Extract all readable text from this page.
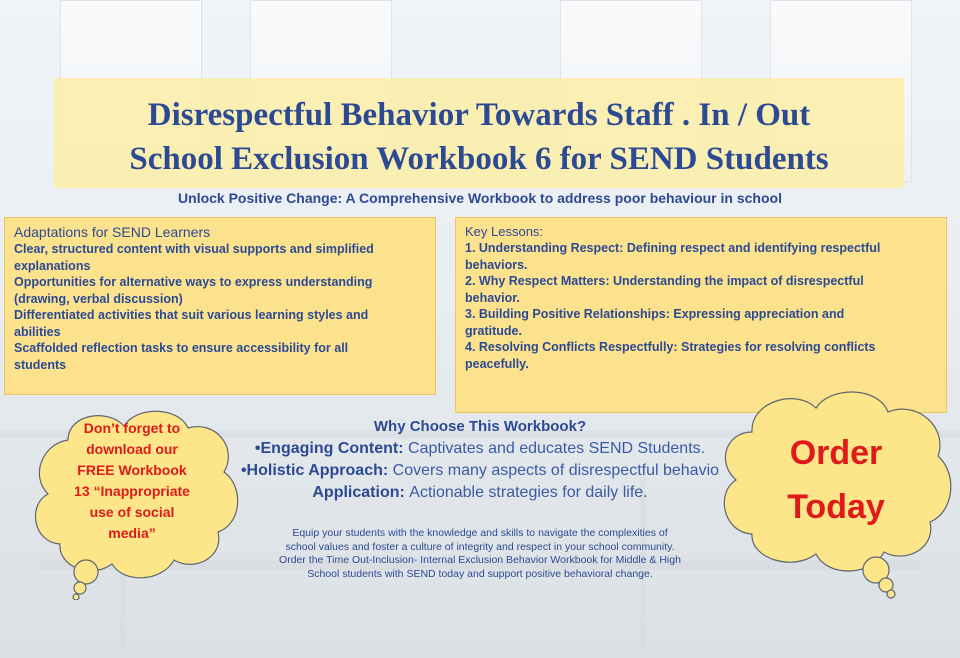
Disrespectful Behavior Towards Staff . In / Out
School Exclusion Workbook 6 for SEND Students
Unlock Positive Change: A Comprehensive Workbook to address poor behaviour in school
Adaptations for SEND Learners
Clear, structured content with visual supports and simplified
explanations
Opportunities for alternative ways to express understanding
(drawing, verbal discussion)
Differentiated activities that suit various learning styles and
abilities
Scaffolded reflection tasks to ensure accessibility for all
students
Key Lessons:
1. Understanding Respect: Defining respect and identifying respectful
behaviors.
2. Why Respect Matters: Understanding the impact of disrespectful
behavior.
3. Building Positive Relationships: Expressing appreciation and
gratitude.
4. Resolving Conflicts Respectfully: Strategies for resolving conflicts
peacefully.
Why Choose This Workbook?
•Engaging Content: Captivates and educates SEND Students.
•Holistic Approach: Covers many aspects of disrespectful behavio
Application: Actionable strategies for daily life.
Equip your students with the knowledge and skills to navigate the complexities of
school values and foster a culture of integrity and respect in your school community.
Order the Time Out-Inclusion- Internal Exclusion Behavior Workbook for Middle & High
School students with SEND today and support positive behavioral change.
Don’t forget to
download our
FREE Workbook
13 “Inappropriate
use of social
media”
Order
Today
